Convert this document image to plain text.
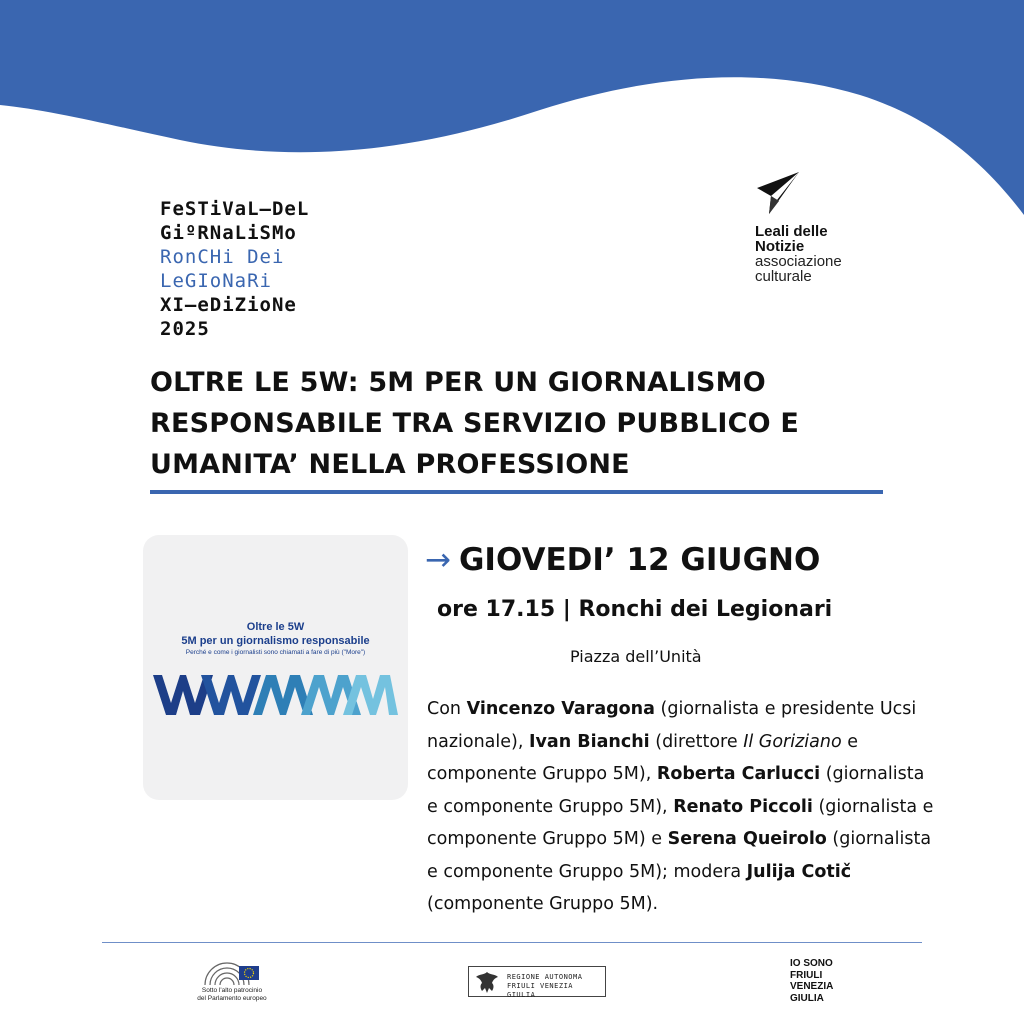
FeSTiVaL—DeL
GiºRNaLiSMo
RonCHi Dei
LeGIoNaRi
XI—eDiZioNe
2025
Leali delle
Notizie
associazione
culturale
OLTRE LE 5W: 5M PER UN GIORNALISMO
RESPONSABILE TRA SERVIZIO PUBBLICO E
UMANITA’ NELLA PROFESSIONE
Oltre le 5W
5M per un giornalismo responsabile
Perché e come i giornalisti sono chiamati a fare di più ("More")
→ GIOVEDI’ 12 GIUGNO
ore 17.15 | Ronchi dei Legionari
Piazza dell’Unità
Con Vincenzo Varagona (giornalista e presidente Ucsi nazionale), Ivan Bianchi (direttore Il Goriziano e componente Gruppo 5M), Roberta Carlucci (giornalista e componente Gruppo 5M), Renato Piccoli (giornalista e componente Gruppo 5M) e Serena Queirolo (giornalista e componente Gruppo 5M); modera Julija Cotič (componente Gruppo 5M).
Sotto l'alto patrocinio
del Parlamento europeo
REGIONE AUTONOMA
FRIULI VENEZIA GIULIA
IO SONO
FRIULI
VENEZIA
GIULIA
